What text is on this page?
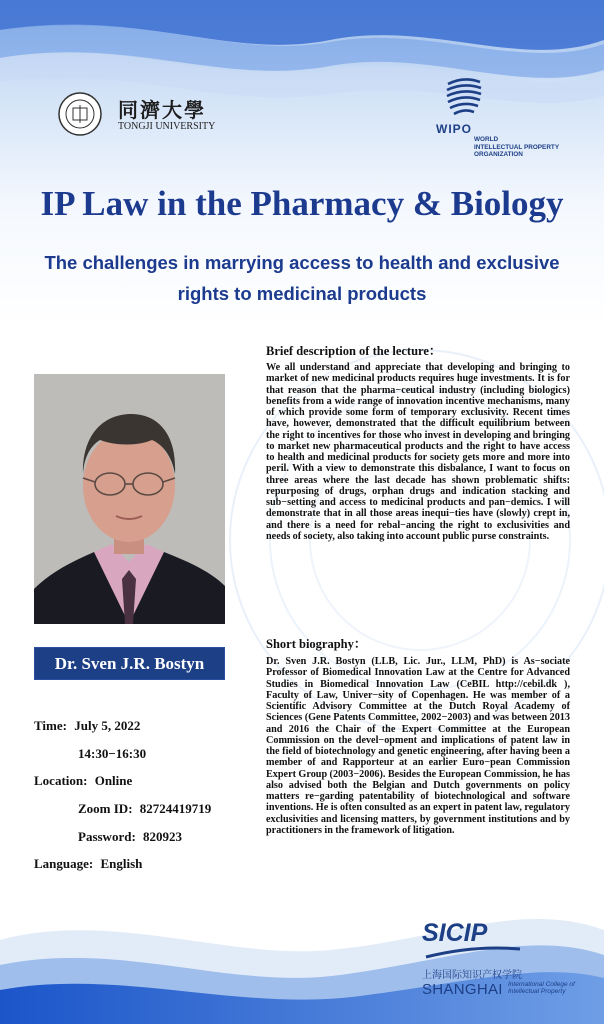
同濟大學
TONGJI UNIVERSITY	WIPO
WORLD
INTELLECTUAL PROPERTY
ORGANIZATION
IP Law in the Pharmacy & Biology
The challenges in marrying access to health and exclusive rights to medicinal products
Dr. Sven J.R. Bostyn
Time: July 5, 2022
14:30−16:30
Location: Online
Zoom ID: 82724419719
Password: 820923
Language: English
Brief description of the lecture：
We all understand and appreciate that developing and bringing to market of new medicinal products requires huge investments. It is for that reason that the pharma−ceutical industry (including biologics) benefits from a wide range of innovation incentive mechanisms, many of which provide some form of temporary exclusivity. Recent times have, however, demonstrated that the difficult equilibrium between the right to incentives for those who invest in developing and bringing to market new pharmaceutical products and the right to have access to health and medicinal products for society gets more and more into peril. With a view to demonstrate this disbalance, I want to focus on three areas where the last decade has shown problematic shifts: repurposing of drugs, orphan drugs and indication stacking and sub−setting and access to medicinal products and pan−demics. I will demonstrate that in all those areas inequi−ties have (slowly) crept in, and there is a need for rebal−ancing the right to exclusivities and needs of society, also taking into account public purse constraints.
Short biography：
Dr. Sven J.R. Bostyn (LLB, Lic. Jur., LLM, PhD) is As−sociate Professor of Biomedical Innovation Law at the Centre for Advanced Studies in Biomedical Innovation Law (CeBIL http://cebil.dk ), Faculty of Law, Univer−sity of Copenhagen. He was member of a Scientific Advisory Committee at the Dutch Royal Academy of Sciences (Gene Patents Committee, 2002−2003) and was between 2013 and 2016 the Chair of the Expert Committee at the European Commission on the devel−opment and implications of patent law in the field of biotechnology and genetic engineering, after having been a member of and Rapporteur at an earlier Euro−pean Commission Expert Group (2003−2006). Besides the European Commission, he has also advised both the Belgian and Dutch governments on policy matters re−garding patentability of biotechnological and software inventions. He is often consulted as an expert in patent law, regulatory exclusivities and licensing matters, by government institutions and by practitioners in the framework of litigation.
SICIP
上海国际知识产权学院
SHANGHAI International College of Intellectual Property
